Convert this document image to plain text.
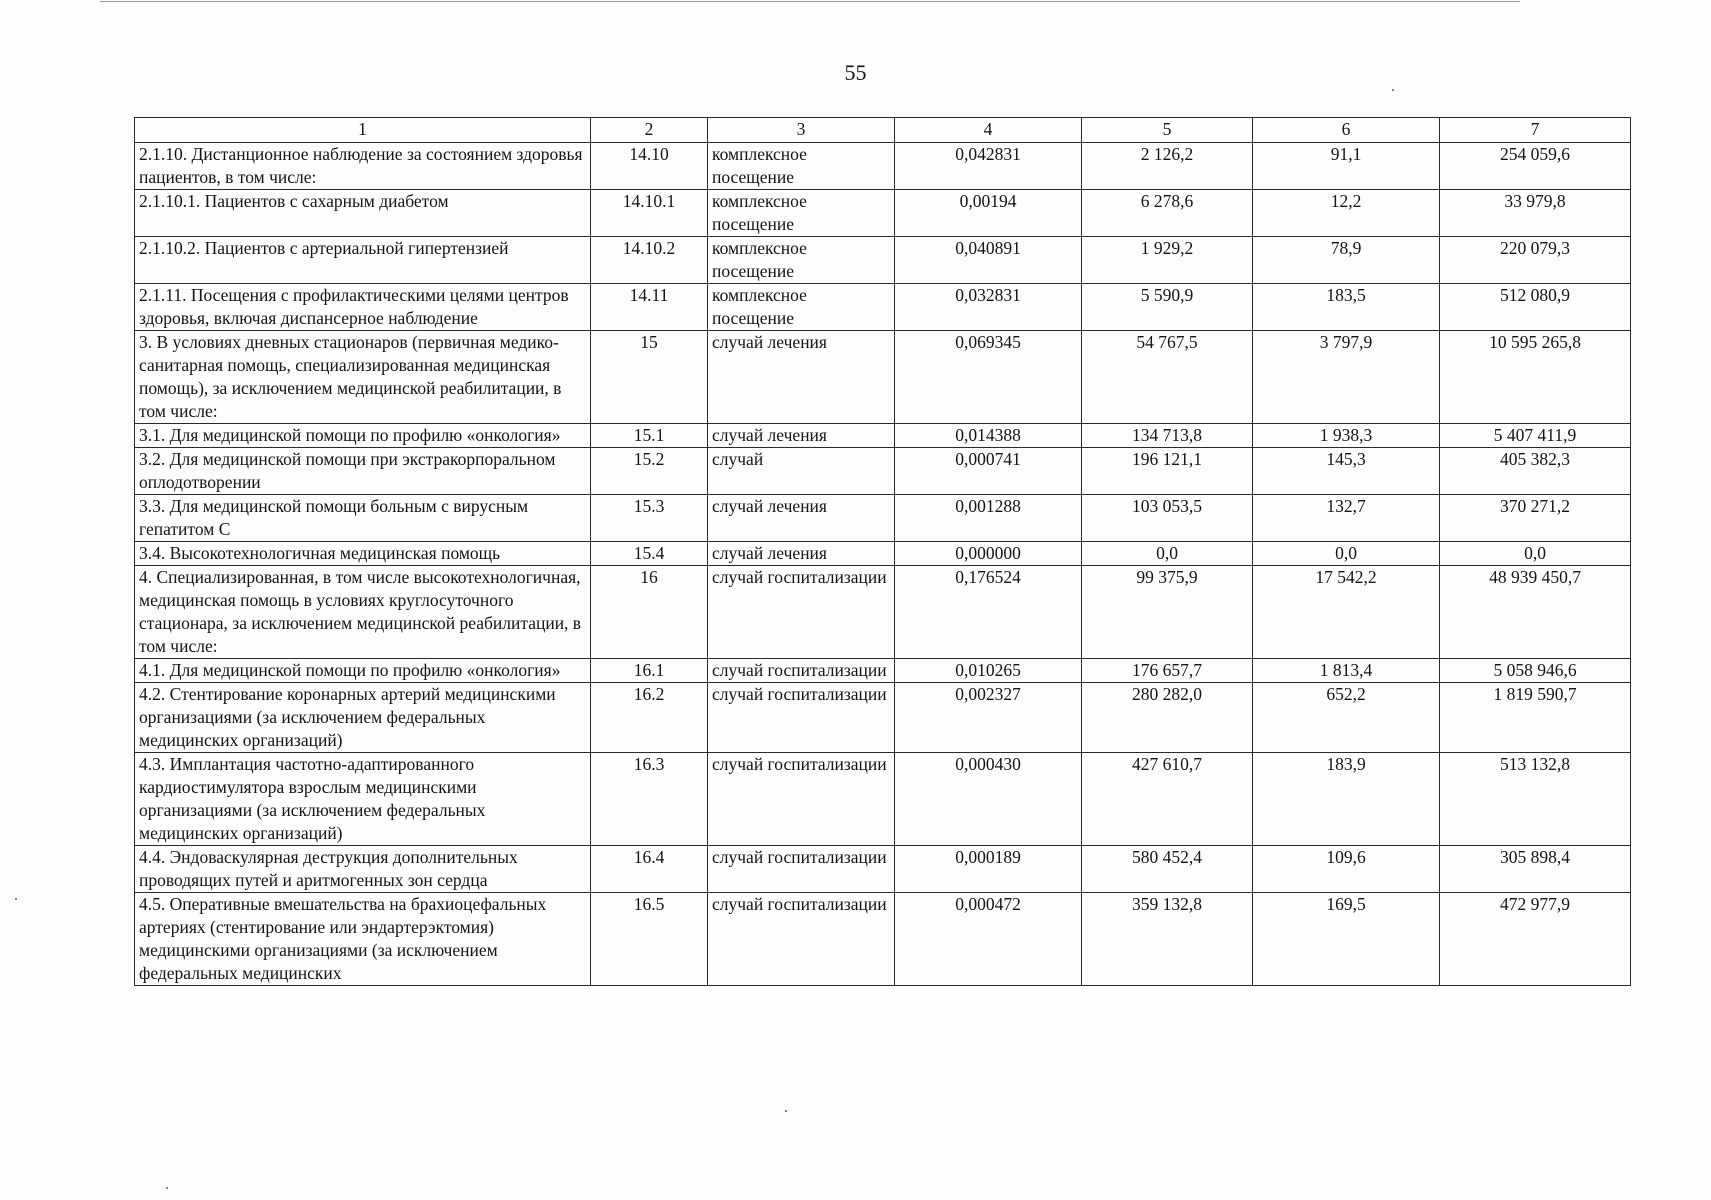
55
1	2	3	4	5	6	7
2.1.10. Дистанционное наблюдение за состоянием здоровья пациентов, в том числе:	14.10	комплексное посещение	0,042831	2 126,2	91,1	254 059,6
2.1.10.1. Пациентов с сахарным диабетом	14.10.1	комплексное посещение	0,00194	6 278,6	12,2	33 979,8
2.1.10.2. Пациентов с артериальной гипертензией	14.10.2	комплексное посещение	0,040891	1 929,2	78,9	220 079,3
2.1.11. Посещения с профилактическими целями центров здоровья, включая диспансерное наблюдение	14.11	комплексное посещение	0,032831	5 590,9	183,5	512 080,9
3. В условиях дневных стационаров (первичная медико-санитарная помощь, специализированная медицинская помощь), за исключением медицинской реабилитации, в том числе:	15	случай лечения	0,069345	54 767,5	3 797,9	10 595 265,8
3.1. Для медицинской помощи по профилю «онкология»	15.1	случай лечения	0,014388	134 713,8	1 938,3	5 407 411,9
3.2. Для медицинской помощи при экстракорпоральном оплодотворении	15.2	случай	0,000741	196 121,1	145,3	405 382,3
3.3. Для медицинской помощи больным с вирусным гепатитом С	15.3	случай лечения	0,001288	103 053,5	132,7	370 271,2
3.4. Высокотехнологичная медицинская помощь	15.4	случай лечения	0,000000	0,0	0,0	0,0
4. Специализированная, в том числе высокотехнологичная, медицинская помощь в условиях круглосуточного стационара, за исключением медицинской реабилитации, в том числе:	16	случай госпитализации	0,176524	99 375,9	17 542,2	48 939 450,7
4.1. Для медицинской помощи по профилю «онкология»	16.1	случай госпитализации	0,010265	176 657,7	1 813,4	5 058 946,6
4.2. Стентирование коронарных артерий медицинскими организациями (за исключением федеральных медицинских организаций)	16.2	случай госпитализации	0,002327	280 282,0	652,2	1 819 590,7
4.3. Имплантация частотно-адаптированного кардиостимулятора взрослым медицинскими организациями (за исключением федеральных медицинских организаций)	16.3	случай госпитализации	0,000430	427 610,7	183,9	513 132,8
4.4. Эндоваскулярная деструкция дополнительных проводящих путей и аритмогенных зон сердца	16.4	случай госпитализации	0,000189	580 452,4	109,6	305 898,4
4.5. Оперативные вмешательства на брахиоцефальных артериях (стентирование или эндартерэктомия) медицинскими организациями (за исключением федеральных медицинских	16.5	случай госпитализации	0,000472	359 132,8	169,5	472 977,9
